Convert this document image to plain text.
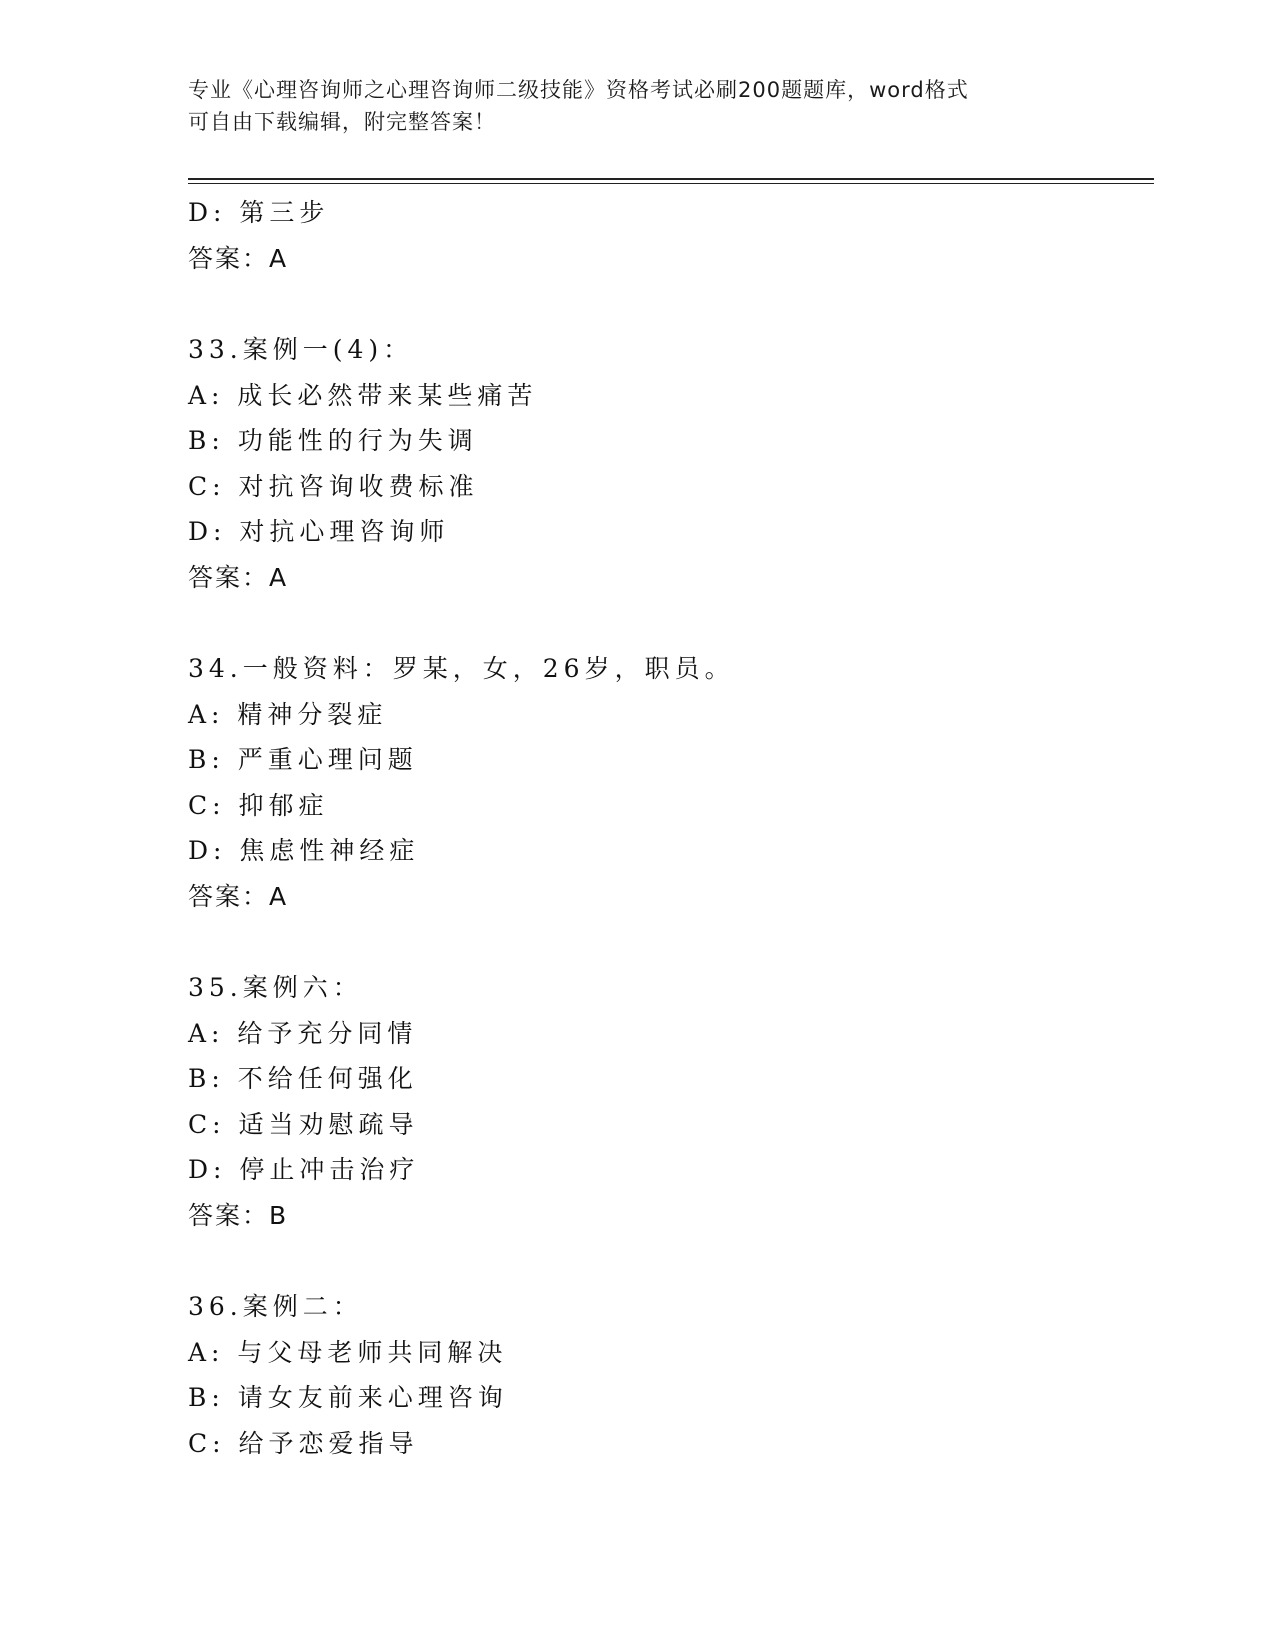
专业《心理咨询师之心理咨询师二级技能》资格考试必刷200题题库，word格式
可自由下载编辑，附完整答案！
D: 第三步
答案：A
33.案例一(4)：
A: 成长必然带来某些痛苦
B: 功能性的行为失调
C: 对抗咨询收费标准
D: 对抗心理咨询师
答案：A
34.一般资料：罗某，女，26岁，职员。
A: 精神分裂症
B: 严重心理问题
C: 抑郁症
D: 焦虑性神经症
答案：A
35.案例六：
A: 给予充分同情
B: 不给任何强化
C: 适当劝慰疏导
D: 停止冲击治疗
答案：B
36.案例二：
A: 与父母老师共同解决
B: 请女友前来心理咨询
C: 给予恋爱指导
